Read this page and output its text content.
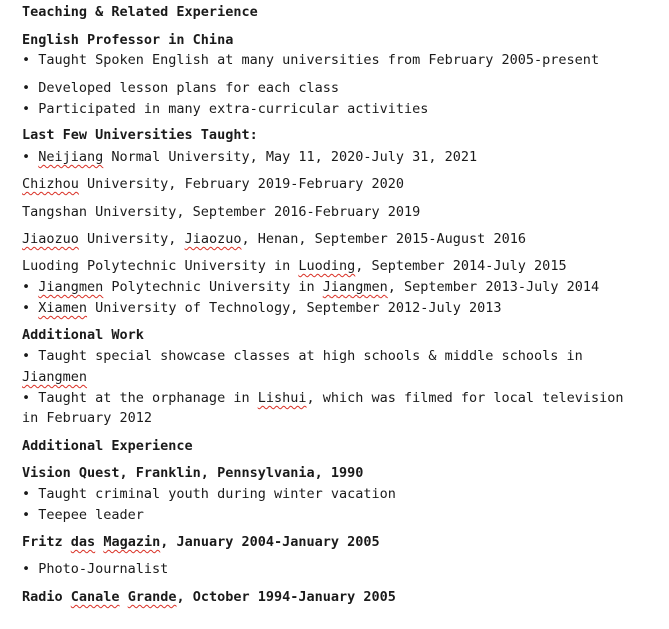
Teaching & Related Experience
English Professor in China
• Taught Spoken English at many universities from February 2005-present
• Developed lesson plans for each class
• Participated in many extra-curricular activities
Last Few Universities Taught:
• Neijiang Normal University, May 11, 2020-July 31, 2021
Chizhou University, February 2019-February 2020
Tangshan University, September 2016-February 2019
Jiaozuo University, Jiaozuo, Henan, September 2015-August 2016
Luoding Polytechnic University in Luoding, September 2014-July 2015
• Jiangmen Polytechnic University in Jiangmen, September 2013-July 2014
• Xiamen University of Technology, September 2012-July 2013
Additional Work
• Taught special showcase classes at high schools & middle schools in
Jiangmen
• Taught at the orphanage in Lishui, which was filmed for local television
in February 2012
Additional Experience
Vision Quest, Franklin, Pennsylvania, 1990
• Taught criminal youth during winter vacation
• Teepee leader
Fritz das Magazin, January 2004-January 2005
• Photo-Journalist
Radio Canale Grande, October 1994-January 2005
